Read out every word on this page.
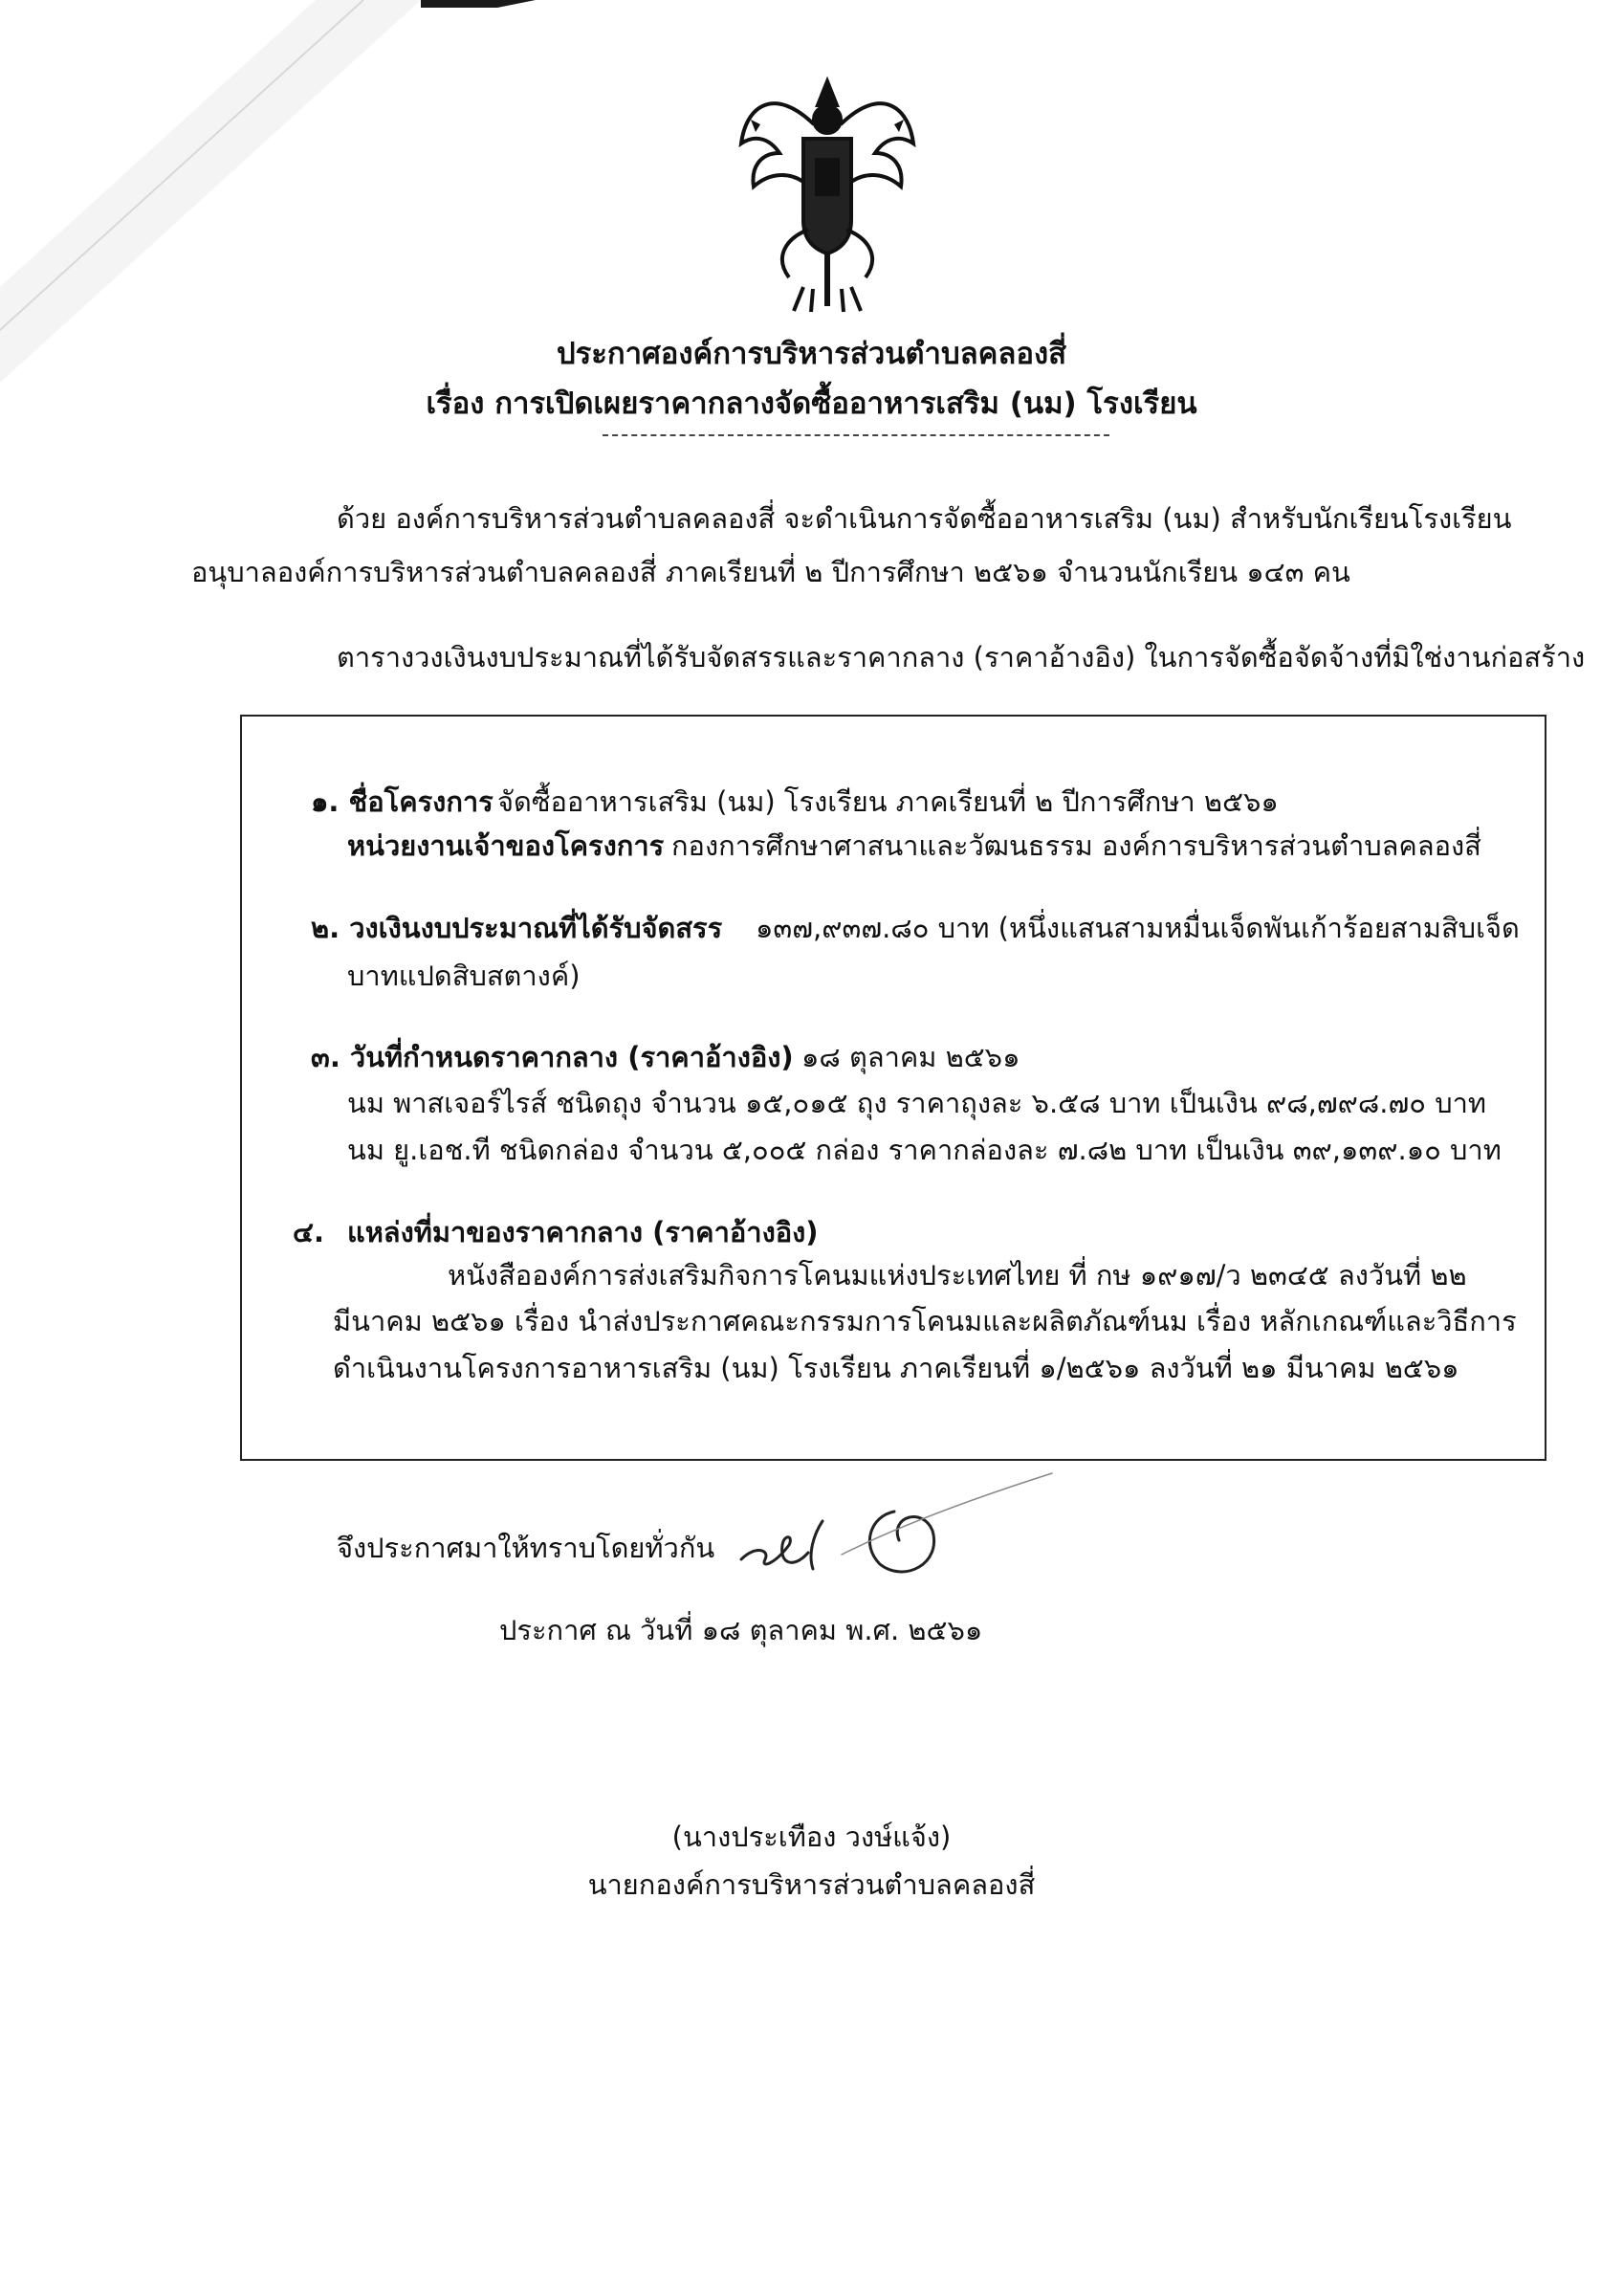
ประกาศองค์การบริหารส่วนตำบลคลองสี่
เรื่อง การเปิดเผยราคากลางจัดซื้ออาหารเสริม (นม) โรงเรียน
ด้วย องค์การบริหารส่วนตำบลคลองสี่ จะดำเนินการจัดซื้ออาหารเสริม (นม) สำหรับนักเรียนโรงเรียน
อนุบาลองค์การบริหารส่วนตำบลคลองสี่ ภาคเรียนที่ ๒ ปีการศึกษา ๒๕๖๑ จำนวนนักเรียน ๑๔๓ คน
ตารางวงเงินงบประมาณที่ได้รับจัดสรรและราคากลาง (ราคาอ้างอิง) ในการจัดซื้อจัดจ้างที่มิใช่งานก่อสร้าง
๑. ชื่อโครงการ จัดซื้ออาหารเสริม (นม) โรงเรียน ภาคเรียนที่ ๒ ปีการศึกษา ๒๕๖๑
หน่วยงานเจ้าของโครงการ กองการศึกษาศาสนาและวัฒนธรรม องค์การบริหารส่วนตำบลคลองสี่
๒. วงเงินงบประมาณที่ได้รับจัดสรร ๑๓๗,๙๓๗.๘๐ บาท (หนึ่งแสนสามหมื่นเจ็ดพันเก้าร้อยสามสิบเจ็ด
บาทแปดสิบสตางค์)
๓. วันที่กำหนดราคากลาง (ราคาอ้างอิง) ๑๘ ตุลาคม ๒๕๖๑
นม พาสเจอร์ไรส์ ชนิดถุง จำนวน ๑๕,๐๑๕ ถุง ราคาถุงละ ๖.๕๘ บาท เป็นเงิน ๙๘,๗๙๘.๗๐ บาท
นม ยู.เอช.ที ชนิดกล่อง จำนวน ๕,๐๐๕ กล่อง ราคากล่องละ ๗.๘๒ บาท เป็นเงิน ๓๙,๑๓๙.๑๐ บาท
๔. แหล่งที่มาของราคากลาง (ราคาอ้างอิง)
หนังสือองค์การส่งเสริมกิจการโคนมแห่งประเทศไทย ที่ กษ ๑๙๑๗/ว ๒๓๔๕ ลงวันที่ ๒๒
มีนาคม ๒๕๖๑ เรื่อง นำส่งประกาศคณะกรรมการโคนมและผลิตภัณฑ์นม เรื่อง หลักเกณฑ์และวิธีการ
ดำเนินงานโครงการอาหารเสริม (นม) โรงเรียน ภาคเรียนที่ ๑/๒๕๖๑ ลงวันที่ ๒๑ มีนาคม ๒๕๖๑
จึงประกาศมาให้ทราบโดยทั่วกัน
ประกาศ ณ วันที่ ๑๘ ตุลาคม พ.ศ. ๒๕๖๑
(นางประเทือง วงษ์แจ้ง)
นายกองค์การบริหารส่วนตำบลคลองสี่
